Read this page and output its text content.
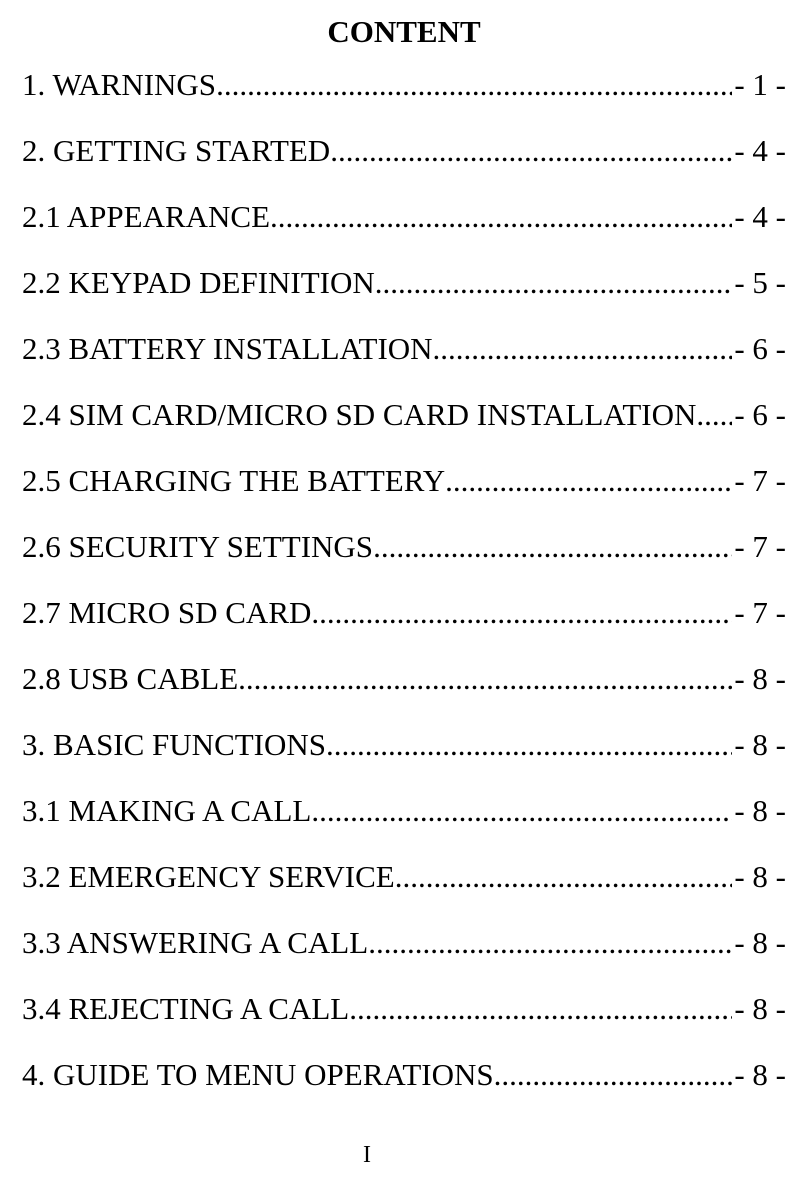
CONTENT
1. WARNINGS .....	- 1 -
2. GETTING STARTED .....	- 4 -
2.1 APPEARANCE .....	- 4 -
2.2 KEYPAD DEFINITION .....	- 5 -
2.3 BATTERY INSTALLATION .....	- 6 -
2.4 SIM CARD/MICRO SD CARD INSTALLATION ..... - 6 -
2.5 CHARGING THE BATTERY .....	- 7 -
2.6 SECURITY SETTINGS .....	- 7 -
2.7 MICRO SD CARD .....	- 7 -
2.8 USB CABLE .....	- 8 -
3. BASIC FUNCTIONS .....	- 8 -
3.1 MAKING A CALL .....	- 8 -
3.2 EMERGENCY SERVICE .....	- 8 -
3.3 ANSWERING A CALL .....	- 8 -
3.4 REJECTING A CALL .....	- 8 -
4. GUIDE TO MENU OPERATIONS .....	- 8 -
I
